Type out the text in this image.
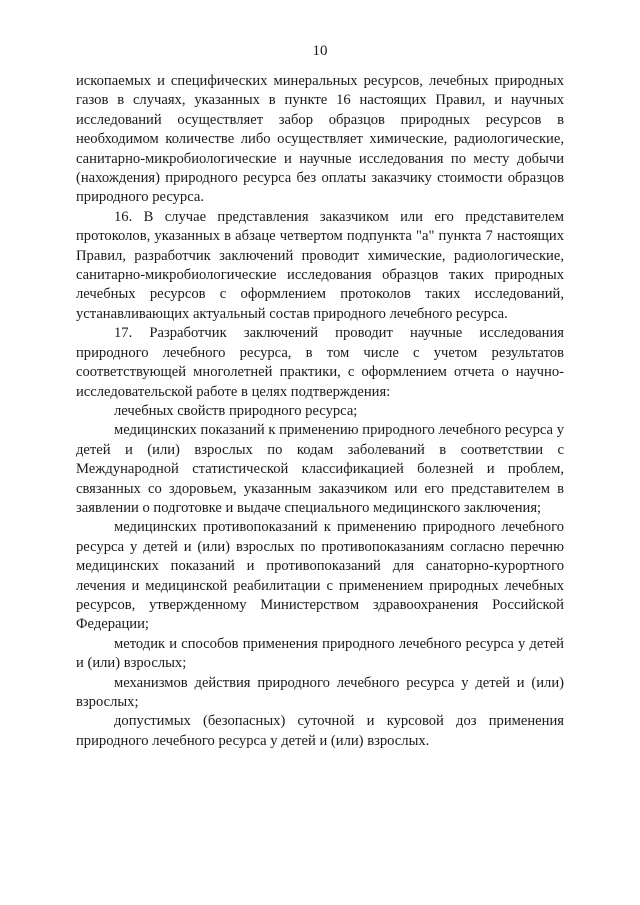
10

ископаемых и специфических минеральных ресурсов, лечебных природных газов в случаях, указанных в пункте 16 настоящих Правил, и научных исследований осуществляет забор образцов природных ресурсов в необходимом количестве либо осуществляет химические, радиологические, санитарно-микробиологические и научные исследования по месту добычи (нахождения) природного ресурса без оплаты заказчику стоимости образцов природного ресурса.

16. В случае представления заказчиком или его представителем протоколов, указанных в абзаце четвертом подпункта "а" пункта 7 настоящих Правил, разработчик заключений проводит химические, радиологические, санитарно-микробиологические исследования образцов таких природных лечебных ресурсов с оформлением протоколов таких исследований, устанавливающих актуальный состав природного лечебного ресурса.

17. Разработчик заключений проводит научные исследования природного лечебного ресурса, в том числе с учетом результатов соответствующей многолетней практики, с оформлением отчета о научно-исследовательской работе в целях подтверждения:

лечебных свойств природного ресурса;

медицинских показаний к применению природного лечебного ресурса у детей и (или) взрослых по кодам заболеваний в соответствии с Международной статистической классификацией болезней и проблем, связанных со здоровьем, указанным заказчиком или его представителем в заявлении о подготовке и выдаче специального медицинского заключения;

медицинских противопоказаний к применению природного лечебного ресурса у детей и (или) взрослых по противопоказаниям согласно перечню медицинских показаний и противопоказаний для санаторно-курортного лечения и медицинской реабилитации с применением природных лечебных ресурсов, утвержденному Министерством здравоохранения Российской Федерации;

методик и способов применения природного лечебного ресурса у детей и (или) взрослых;

механизмов действия природного лечебного ресурса у детей и (или) взрослых;

допустимых (безопасных) суточной и курсовой доз применения природного лечебного ресурса у детей и (или) взрослых.
